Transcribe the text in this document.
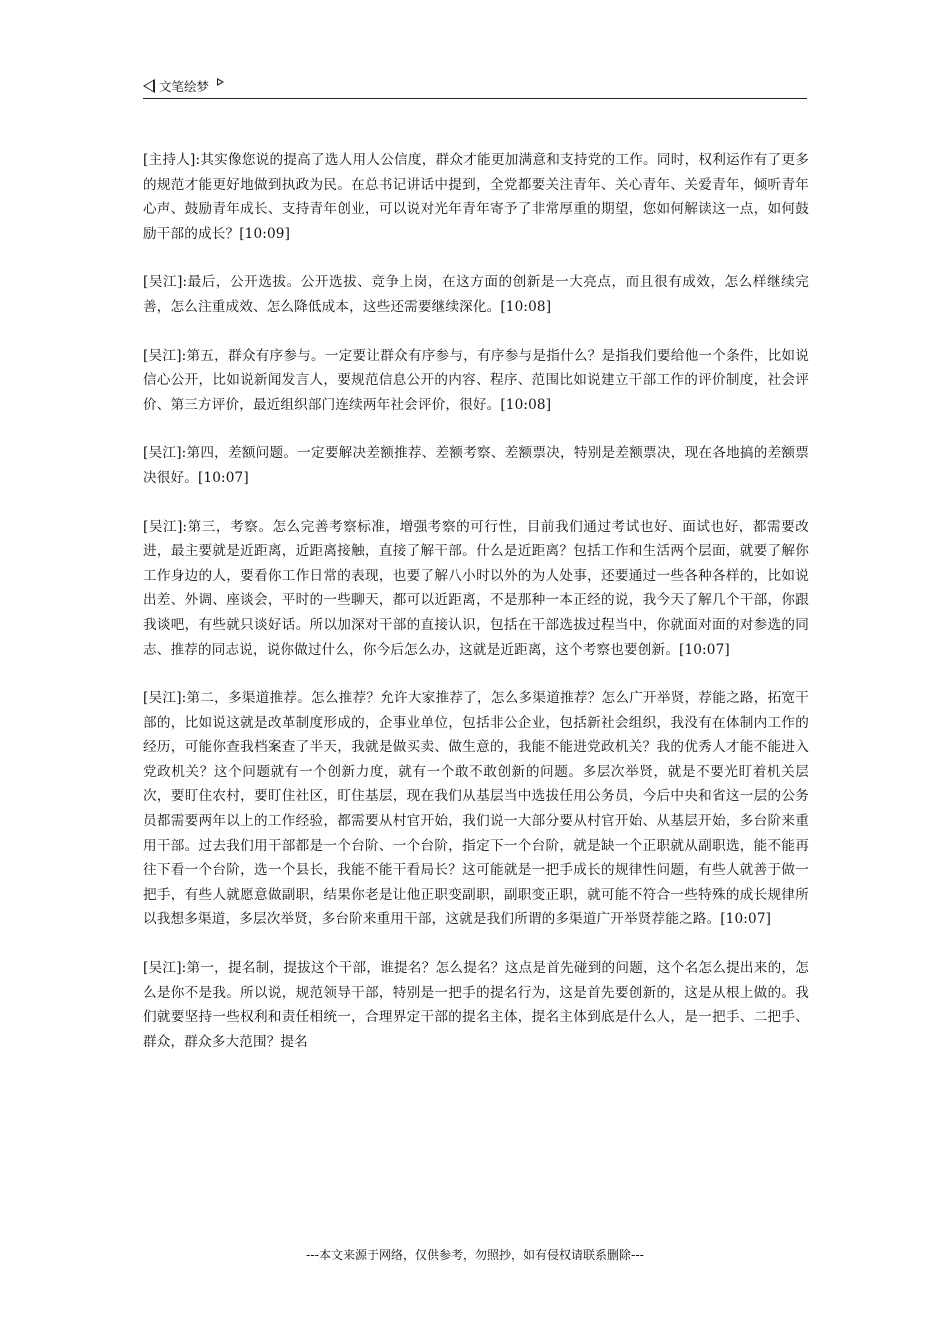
文笔绘梦

[主持人]:其实像您说的提高了选人用人公信度，群众才能更加满意和支持党的工作。同时，权利运作有了更多的规范才能更好地做到执政为民。在总书记讲话中提到，全党都要关注青年、关心青年、关爱青年，倾听青年心声、鼓励青年成长、支持青年创业，可以说对光年青年寄予了非常厚重的期望，您如何解读这一点，如何鼓励干部的成长？[10:09]

[吴江]:最后，公开选拔。公开选拔、竞争上岗，在这方面的创新是一大亮点，而且很有成效，怎么样继续完善，怎么注重成效、怎么降低成本，这些还需要继续深化。[10:08]

[吴江]:第五，群众有序参与。一定要让群众有序参与，有序参与是指什么？是指我们要给他一个条件，比如说信心公开，比如说新闻发言人，要规范信息公开的内容、程序、范围比如说建立干部工作的评价制度，社会评价、第三方评价，最近组织部门连续两年社会评价，很好。[10:08]

[吴江]:第四，差额问题。一定要解决差额推荐、差额考察、差额票决，特别是差额票决，现在各地搞的差额票决很好。[10:07]

[吴江]:第三，考察。怎么完善考察标准，增强考察的可行性，目前我们通过考试也好、面试也好，都需要改进，最主要就是近距离，近距离接触，直接了解干部。什么是近距离？包括工作和生活两个层面，就要了解你工作身边的人，要看你工作日常的表现，也要了解八小时以外的为人处事，还要通过一些各种各样的，比如说出差、外调、座谈会，平时的一些聊天，都可以近距离，不是那种一本正经的说，我今天了解几个干部，你跟我谈吧，有些就只谈好话。所以加深对干部的直接认识，包括在干部选拔过程当中，你就面对面的对参选的同志、推荐的同志说，说你做过什么，你今后怎么办，这就是近距离，这个考察也要创新。[10:07]

[吴江]:第二，多渠道推荐。怎么推荐？允许大家推荐了，怎么多渠道推荐？怎么广开举贤，荐能之路，拓宽干部的，比如说这就是改革制度形成的，企事业单位，包括非公企业，包括新社会组织，我没有在体制内工作的经历，可能你查我档案查了半天，我就是做买卖、做生意的，我能不能进党政机关？我的优秀人才能不能进入党政机关？这个问题就有一个创新力度，就有一个敢不敢创新的问题。多层次举贤，就是不要光盯着机关层次，要盯住农村，要盯住社区，盯住基层，现在我们从基层当中选拔任用公务员，今后中央和省这一层的公务员都需要两年以上的工作经验，都需要从村官开始，我们说一大部分要从村官开始、从基层开始，多台阶来重用干部。过去我们用干部都是一个台阶、一个台阶，指定下一个台阶，就是缺一个正职就从副职选，能不能再往下看一个台阶，选一个县长，我能不能干看局长？这可能就是一把手成长的规律性问题，有些人就善于做一把手，有些人就愿意做副职，结果你老是让他正职变副职，副职变正职，就可能不符合一些特殊的成长规律所以我想多渠道，多层次举贤，多台阶来重用干部，这就是我们所谓的多渠道广开举贤荐能之路。[10:07]

[吴江]:第一，提名制，提拔这个干部，谁提名？怎么提名？这点是首先碰到的问题，这个名怎么提出来的，怎么是你不是我。所以说，规范领导干部，特别是一把手的提名行为，这是首先要创新的，这是从根上做的。我们就要坚持一些权利和责任相统一，合理界定干部的提名主体，提名主体到底是什么人，是一把手、二把手、群众，群众多大范围？提名

---本文来源于网络，仅供参考，勿照抄，如有侵权请联系删除---
